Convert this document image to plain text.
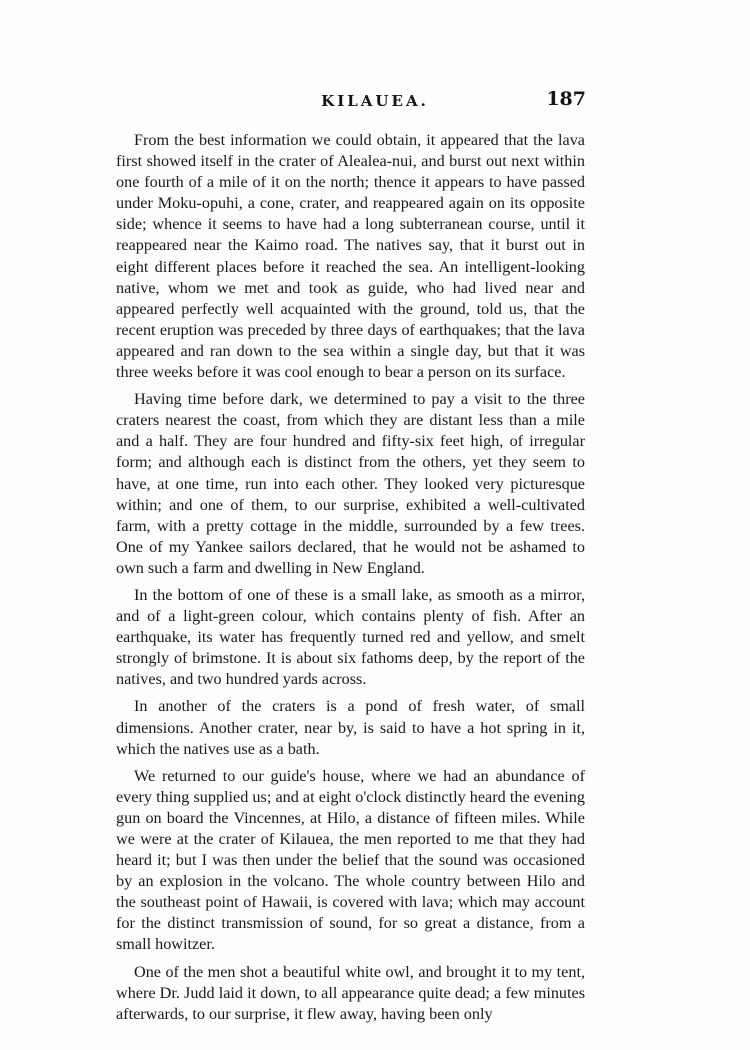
KILAUEA.	187

From the best information we could obtain, it appeared that the lava first showed itself in the crater of Alealea-nui, and burst out next within one fourth of a mile of it on the north; thence it appears to have passed under Moku-opuhi, a cone, crater, and reappeared again on its opposite side; whence it seems to have had a long subterranean course, until it reappeared near the Kaimo road. The natives say, that it burst out in eight different places before it reached the sea. An intelligent-looking native, whom we met and took as guide, who had lived near and appeared perfectly well acquainted with the ground, told us, that the recent eruption was preceded by three days of earthquakes; that the lava appeared and ran down to the sea within a single day, but that it was three weeks before it was cool enough to bear a person on its surface.

Having time before dark, we determined to pay a visit to the three craters nearest the coast, from which they are distant less than a mile and a half. They are four hundred and fifty-six feet high, of irregular form; and although each is distinct from the others, yet they seem to have, at one time, run into each other. They looked very picturesque within; and one of them, to our surprise, exhibited a well-cultivated farm, with a pretty cottage in the middle, surrounded by a few trees. One of my Yankee sailors declared, that he would not be ashamed to own such a farm and dwelling in New England.

In the bottom of one of these is a small lake, as smooth as a mirror, and of a light-green colour, which contains plenty of fish. After an earthquake, its water has frequently turned red and yellow, and smelt strongly of brimstone. It is about six fathoms deep, by the report of the natives, and two hundred yards across.

In another of the craters is a pond of fresh water, of small dimensions. Another crater, near by, is said to have a hot spring in it, which the natives use as a bath.

We returned to our guide's house, where we had an abundance of every thing supplied us; and at eight o'clock distinctly heard the evening gun on board the Vincennes, at Hilo, a distance of fifteen miles. While we were at the crater of Kilauea, the men reported to me that they had heard it; but I was then under the belief that the sound was occasioned by an explosion in the volcano. The whole country between Hilo and the southeast point of Hawaii, is covered with lava; which may account for the distinct transmission of sound, for so great a distance, from a small howitzer.

One of the men shot a beautiful white owl, and brought it to my tent, where Dr. Judd laid it down, to all appearance quite dead; a few minutes afterwards, to our surprise, it flew away, having been only
